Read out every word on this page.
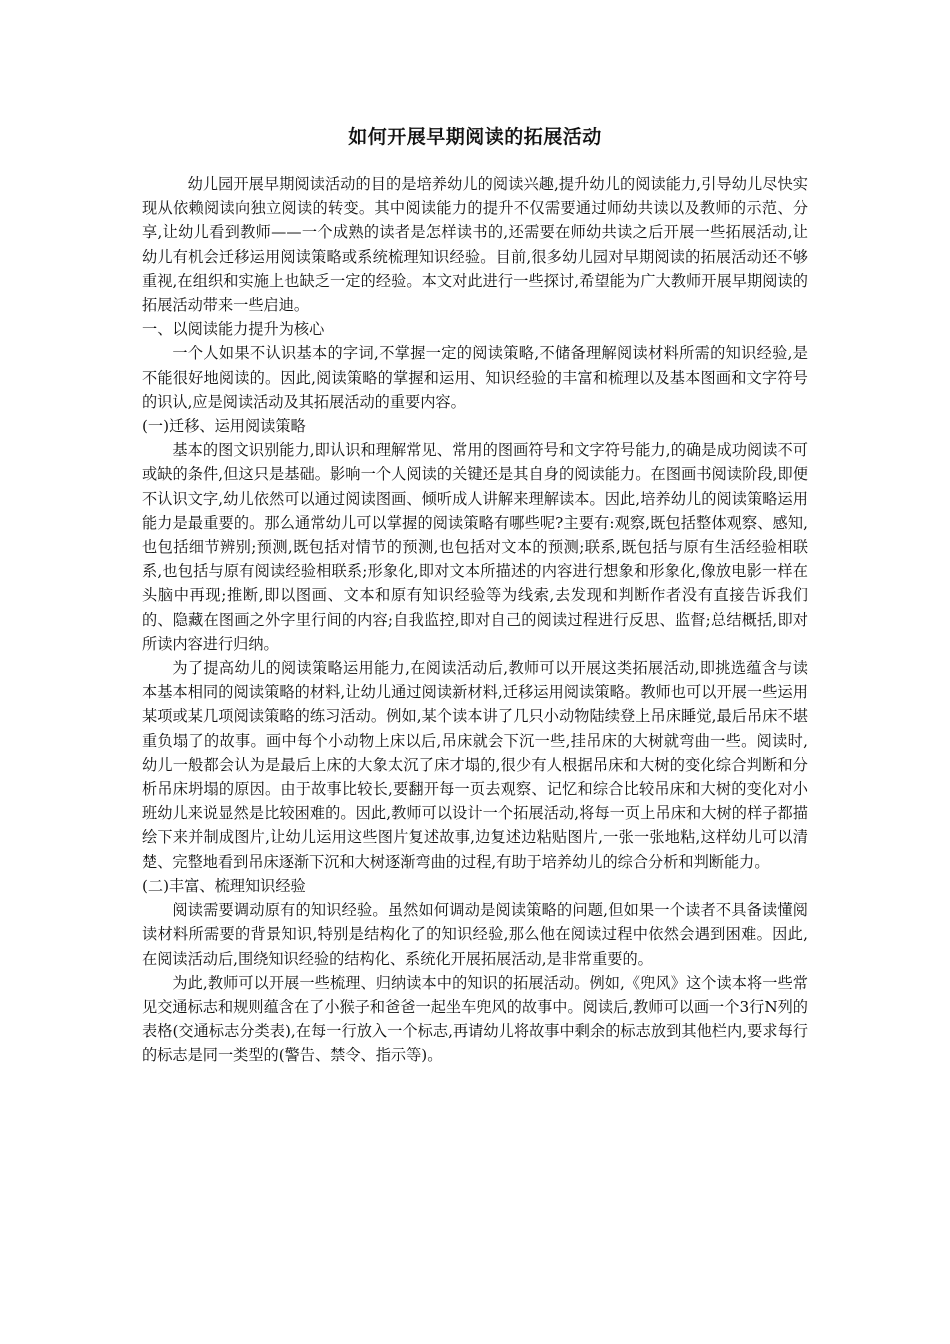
如何开展早期阅读的拓展活动

幼儿园开展早期阅读活动的目的是培养幼儿的阅读兴趣,提升幼儿的阅读能力,引导幼儿尽快实现从依赖阅读向独立阅读的转变。其中阅读能力的提升不仅需要通过师幼共读以及教师的示范、分享,让幼儿看到教师——一个成熟的读者是怎样读书的,还需要在师幼共读之后开展一些拓展活动,让幼儿有机会迁移运用阅读策略或系统梳理知识经验。目前,很多幼儿园对早期阅读的拓展活动还不够重视,在组织和实施上也缺乏一定的经验。本文对此进行一些探讨,希望能为广大教师开展早期阅读的拓展活动带来一些启迪。

一、以阅读能力提升为核心

一个人如果不认识基本的字词,不掌握一定的阅读策略,不储备理解阅读材料所需的知识经验,是不能很好地阅读的。因此,阅读策略的掌握和运用、知识经验的丰富和梳理以及基本图画和文字符号的识认,应是阅读活动及其拓展活动的重要内容。

(一)迁移、运用阅读策略

基本的图文识别能力,即认识和理解常见、常用的图画符号和文字符号能力,的确是成功阅读不可或缺的条件,但这只是基础。影响一个人阅读的关键还是其自身的阅读能力。在图画书阅读阶段,即便不认识文字,幼儿依然可以通过阅读图画、倾听成人讲解来理解读本。因此,培养幼儿的阅读策略运用能力是最重要的。那么通常幼儿可以掌握的阅读策略有哪些呢?主要有:观察,既包括整体观察、感知,也包括细节辨别;预测,既包括对情节的预测,也包括对文本的预测;联系,既包括与原有生活经验相联系,也包括与原有阅读经验相联系;形象化,即对文本所描述的内容进行想象和形象化,像放电影一样在头脑中再现;推断,即以图画、文本和原有知识经验等为线索,去发现和判断作者没有直接告诉我们的、隐藏在图画之外字里行间的内容;自我监控,即对自己的阅读过程进行反思、监督;总结概括,即对所读内容进行归纳。

为了提高幼儿的阅读策略运用能力,在阅读活动后,教师可以开展这类拓展活动,即挑选蕴含与读本基本相同的阅读策略的材料,让幼儿通过阅读新材料,迁移运用阅读策略。教师也可以开展一些运用某项或某几项阅读策略的练习活动。例如,某个读本讲了几只小动物陆续登上吊床睡觉,最后吊床不堪重负塌了的故事。画中每个小动物上床以后,吊床就会下沉一些,挂吊床的大树就弯曲一些。阅读时,幼儿一般都会认为是最后上床的大象太沉了床才塌的,很少有人根据吊床和大树的变化综合判断和分析吊床坍塌的原因。由于故事比较长,要翻开每一页去观察、记忆和综合比较吊床和大树的变化对小班幼儿来说显然是比较困难的。因此,教师可以设计一个拓展活动,将每一页上吊床和大树的样子都描绘下来并制成图片,让幼儿运用这些图片复述故事,边复述边粘贴图片,一张一张地粘,这样幼儿可以清楚、完整地看到吊床逐渐下沉和大树逐渐弯曲的过程,有助于培养幼儿的综合分析和判断能力。

(二)丰富、梳理知识经验

阅读需要调动原有的知识经验。虽然如何调动是阅读策略的问题,但如果一个读者不具备读懂阅读材料所需要的背景知识,特别是结构化了的知识经验,那么他在阅读过程中依然会遇到困难。因此,在阅读活动后,围绕知识经验的结构化、系统化开展拓展活动,是非常重要的。

为此,教师可以开展一些梳理、归纳读本中的知识的拓展活动。例如,《兜风》这个读本将一些常见交通标志和规则蕴含在了小猴子和爸爸一起坐车兜风的故事中。阅读后,教师可以画一个3行N列的表格(交通标志分类表),在每一行放入一个标志,再请幼儿将故事中剩余的标志放到其他栏内,要求每行的标志是同一类型的(警告、禁令、指示等)。
